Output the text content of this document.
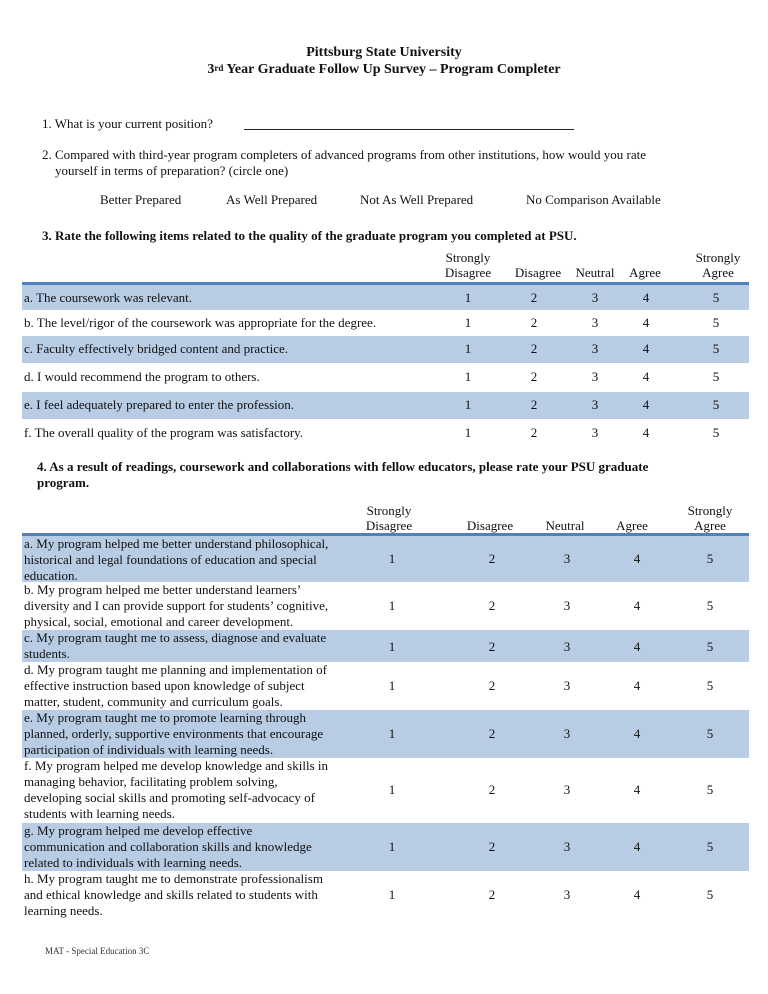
Pittsburg State University
3rd Year Graduate Follow Up Survey – Program Completer
1. What is your current position?
2. Compared with third-year program completers of advanced programs from other institutions, how would you rate
yourself in terms of preparation? (circle one)
Better Prepared	As Well Prepared	Not As Well Prepared	No Comparison Available
3. Rate the following items related to the quality of the graduate program you completed at PSU.
Strongly
Disagree
	Disagree
	Neutral
	Agree
Strongly
Agree
a. The coursework was relevant.	1	2	3	4	5
b. The level/rigor of the coursework was appropriate for the degree.	1	2	3	4	5
c. Faculty effectively bridged content and practice.	1	2	3	4	5
d. I would recommend the program to others.	1	2	3	4	5
e. I feel adequately prepared to enter the profession.	1	2	3	4	5
f. The overall quality of the program was satisfactory.	1	2	3	4	5
4. As a result of readings, coursework and collaborations with fellow educators, please rate your PSU graduate
program.
Strongly
Disagree
	Disagree
	Neutral
	Agree
Strongly
Agree
a. My program helped me better understand philosophical,
historical and legal foundations of education and special
education.
1	2	3	4	5
b. My program helped me better understand learners’
diversity and I can provide support for students’ cognitive,
physical, social, emotional and career development.
1	2	3	4	5
c. My program taught me to assess, diagnose and evaluate
students.	1	2	3	4	5
d. My program taught me planning and implementation of
effective instruction based upon knowledge of subject
matter, student, community and curriculum goals.
1	2	3	4	5
e. My program taught me to promote learning through
planned, orderly, supportive environments that encourage
participation of individuals with learning needs.
1	2	3	4	5
f. My program helped me develop knowledge and skills in
managing behavior, facilitating problem solving,
developing social skills and promoting self-advocacy of
students with learning needs.
1	2	3	4	5
g. My program helped me develop effective
communication and collaboration skills and knowledge
related to individuals with learning needs.
1	2	3	4	5
h. My program taught me to demonstrate professionalism
and ethical knowledge and skills related to students with
learning needs.
1	2	3	4	5
MAT - Special Education 3C
